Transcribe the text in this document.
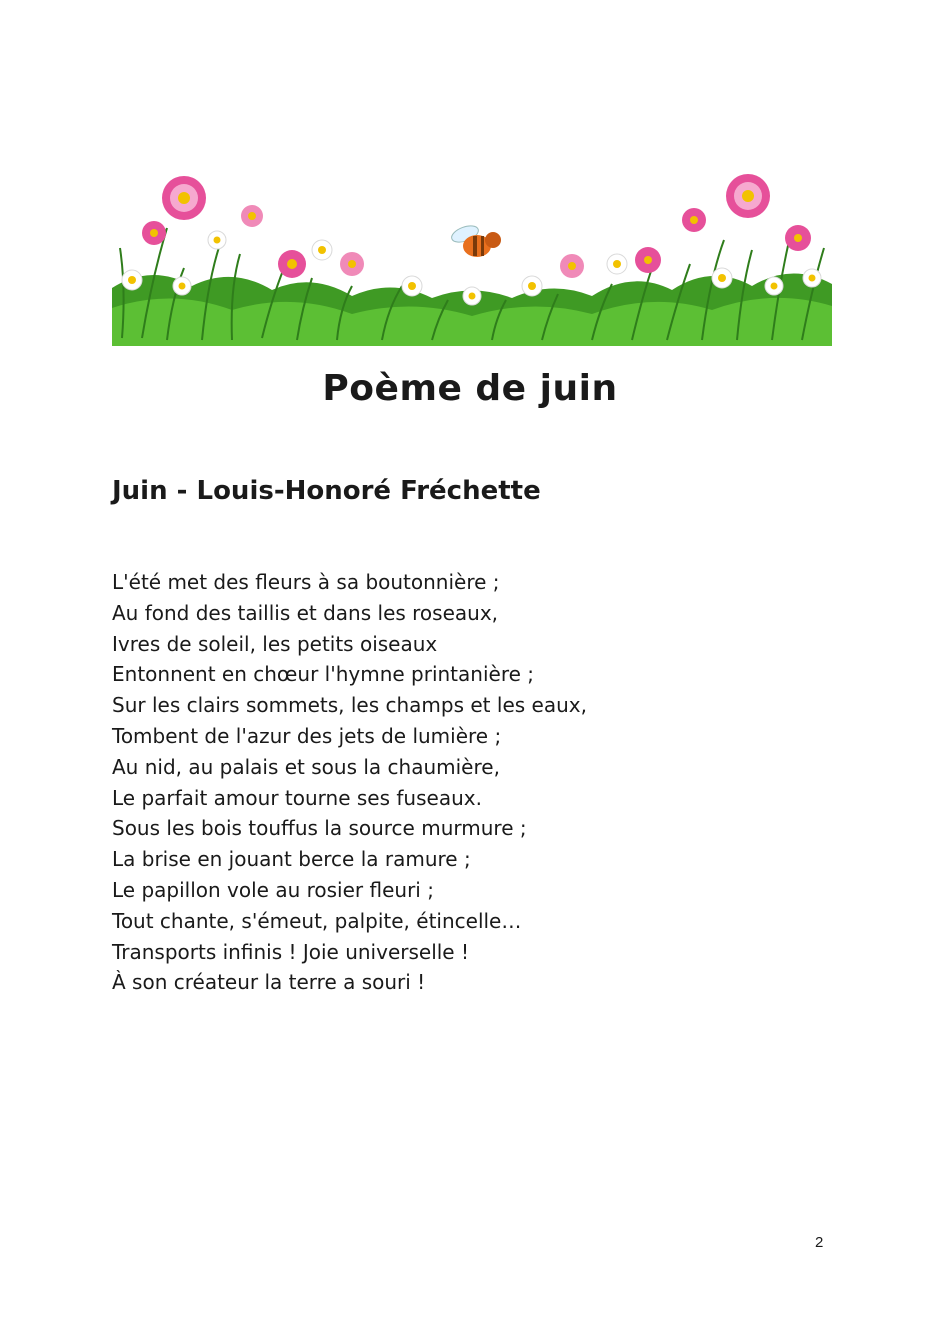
Poème de juin
Juin - Louis-Honoré Fréchette
L'été met des fleurs à sa boutonnière ;
Au fond des taillis et dans les roseaux,
Ivres de soleil, les petits oiseaux
Entonnent en chœur l'hymne printanière ;
Sur les clairs sommets, les champs et les eaux,
Tombent de l'azur des jets de lumière ;
Au nid, au palais et sous la chaumière,
Le parfait amour tourne ses fuseaux.
Sous les bois touffus la source murmure ;
La brise en jouant berce la ramure ;
Le papillon vole au rosier fleuri ;
Tout chante, s'émeut, palpite, étincelle…
Transports infinis ! Joie universelle !
À son créateur la terre a souri !
2
